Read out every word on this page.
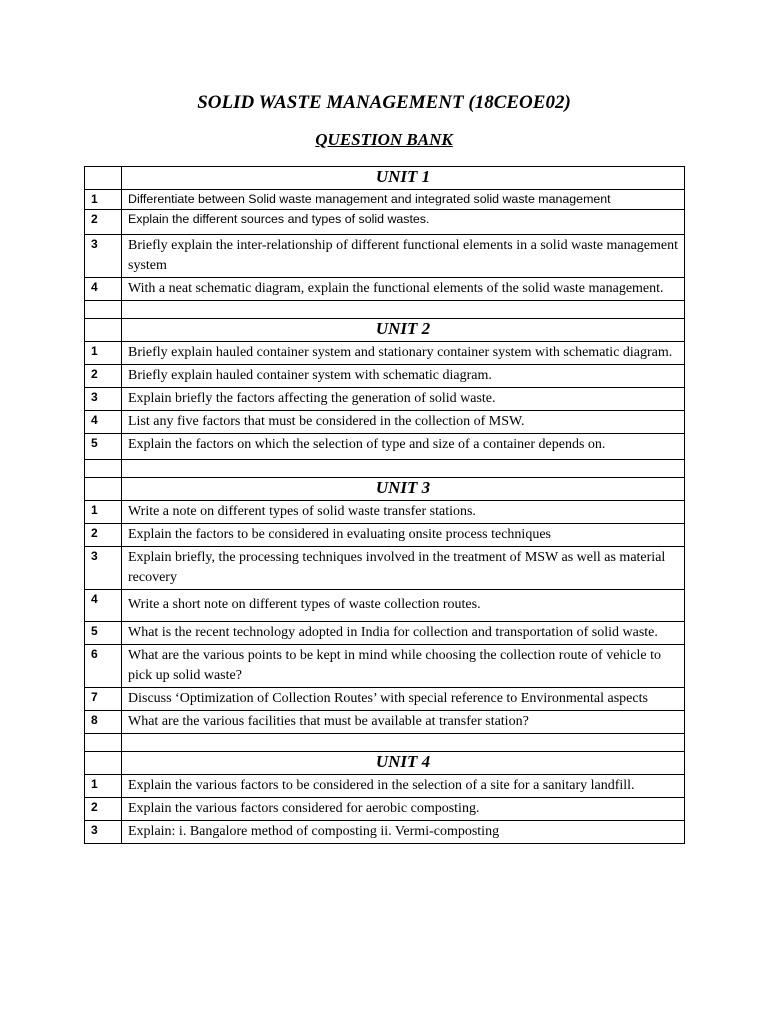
SOLID WASTE MANAGEMENT (18CEOE02)
QUESTION BANK
	UNIT 1
1	Differentiate between Solid waste management and integrated solid waste management
2	Explain the different sources and types of solid wastes.
3	Briefly explain the inter-relationship of different functional elements in a solid waste management system
4	With a neat schematic diagram, explain the functional elements of the solid waste management.

	UNIT 2
1	Briefly explain hauled container system and stationary container system with schematic diagram.
2	Briefly explain hauled container system with schematic diagram.
3	Explain briefly the factors affecting the generation of solid waste.
4	List any five factors that must be considered in the collection of MSW.
5	Explain the factors on which the selection of type and size of a container depends on.

	UNIT 3
1	Write a note on different types of solid waste transfer stations.
2	Explain the factors to be considered in evaluating onsite process techniques
3	Explain briefly, the processing techniques involved in the treatment of MSW as well as material recovery
4	Write a short note on different types of waste collection routes.
5	What is the recent technology adopted in India for collection and transportation of solid waste.
6	What are the various points to be kept in mind while choosing the collection route of vehicle to pick up solid waste?
7	Discuss ‘Optimization of Collection Routes’ with special reference to Environmental aspects
8	What are the various facilities that must be available at transfer station?

	UNIT 4
1	Explain the various factors to be considered in the selection of a site for a sanitary landfill.
2	Explain the various factors considered for aerobic composting.
3	Explain: i. Bangalore method of composting ii. Vermi-composting
